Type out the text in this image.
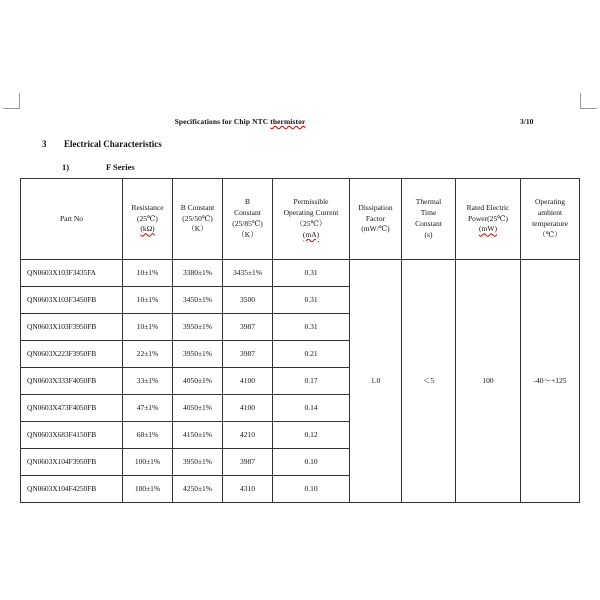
Specifications for Chip NTC thermistor	3/10
3 Electrical Characteristics
1)	F Series
Part No	Resistance
(25℃)
(kΩ)	B Constant
(25/50℃)
（K）	B
Constant
(25/85℃)
（K）	Permissible
Operating Current
（25℃）
(mA)	Dissipation
Factor
(mW/℃)	Thermal
Time
Constant
(s)	Rated Electric
Power(25℃)
(mW)	Operating
ambient
temperature
（℃）

QN0603X103F3435FA	10±1%	3380±1%	3435±1%	0.31	1.0	＜5	100	-40～+125
QN0603X103F3450FB	10±1%	3450±1%	3500	0.31				
QN0603X103F3950FB	10±1%	3950±1%	3987	0.31				
QN0603X223F3950FB	22±1%	3950±1%	3987	0.21				
QN0603X333F4050FB	33±1%	4050±1%	4100	0.17				
QN0603X473F4050FB	47±1%	4050±1%	4100	0.14				
QN0603X683F4150FB	68±1%	4150±1%	4210	0.12				
QN0603X104F3950FB	100±1%	3950±1%	3987	0.10				
QN0603X104F4250FB	100±1%	4250±1%	4310	0.10				
